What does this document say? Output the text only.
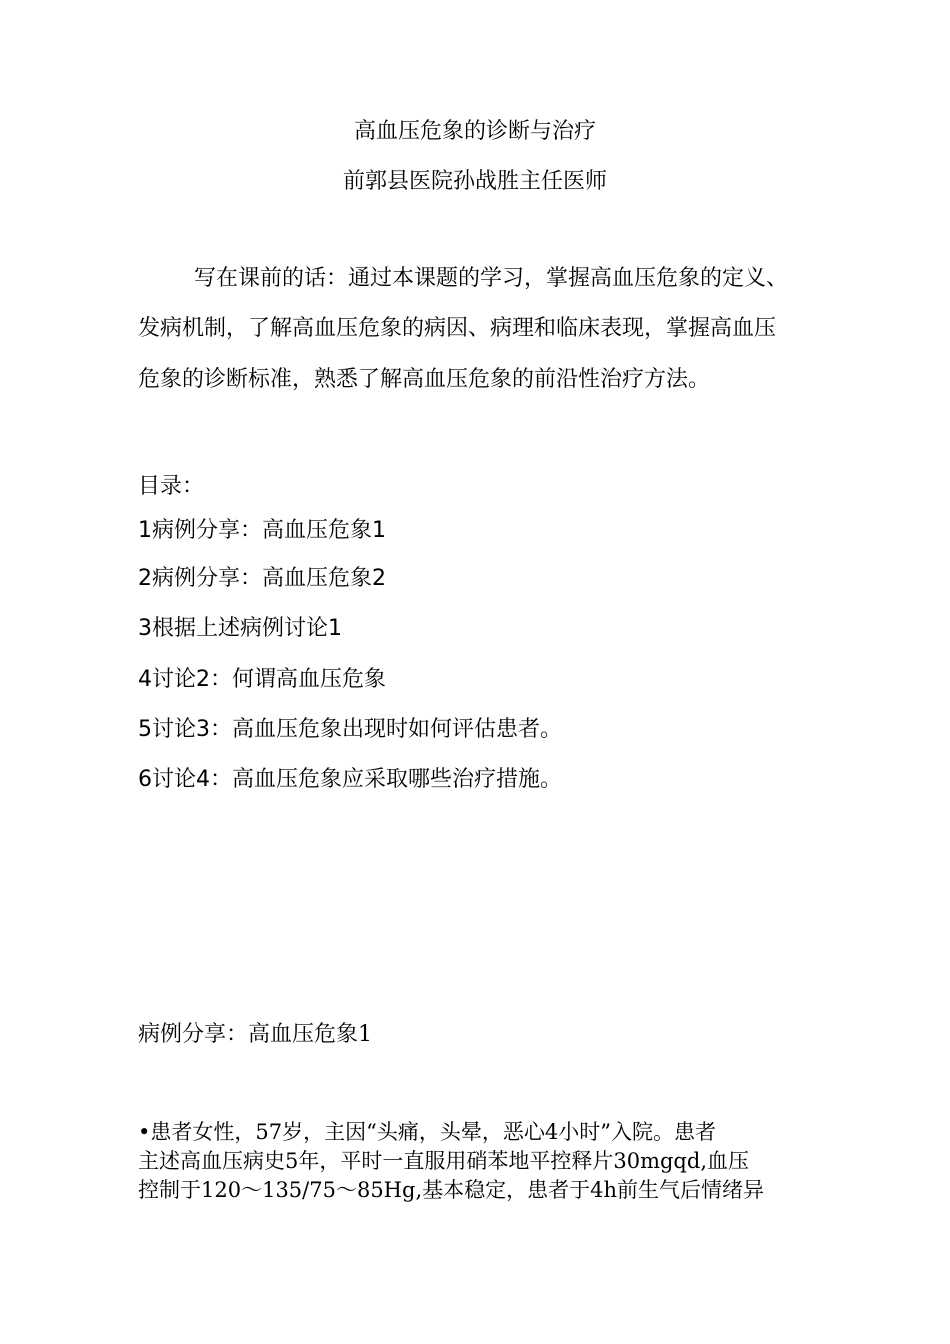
高血压危象的诊断与治疗
前郭县医院孙战胜主任医师
写在课前的话：通过本课题的学习，掌握高血压危象的定义、
发病机制，了解高血压危象的病因、病理和临床表现，掌握高血压
危象的诊断标准，熟悉了解高血压危象的前沿性治疗方法。
目录：
1病例分享：高血压危象1
2病例分享：高血压危象2
3根据上述病例讨论1
4讨论2：何谓高血压危象
5讨论3：高血压危象出现时如何评估患者。
6讨论4：高血压危象应采取哪些治疗措施。
病例分享：高血压危象1
•患者女性，57岁，主因“头痛，头晕，恶心4小时”入院。患者
主述高血压病史5年，平时一直服用硝苯地平控释片30mgqd,血压
控制于120〜135/75〜85Hg,基本稳定，患者于4h前生气后情绪异
